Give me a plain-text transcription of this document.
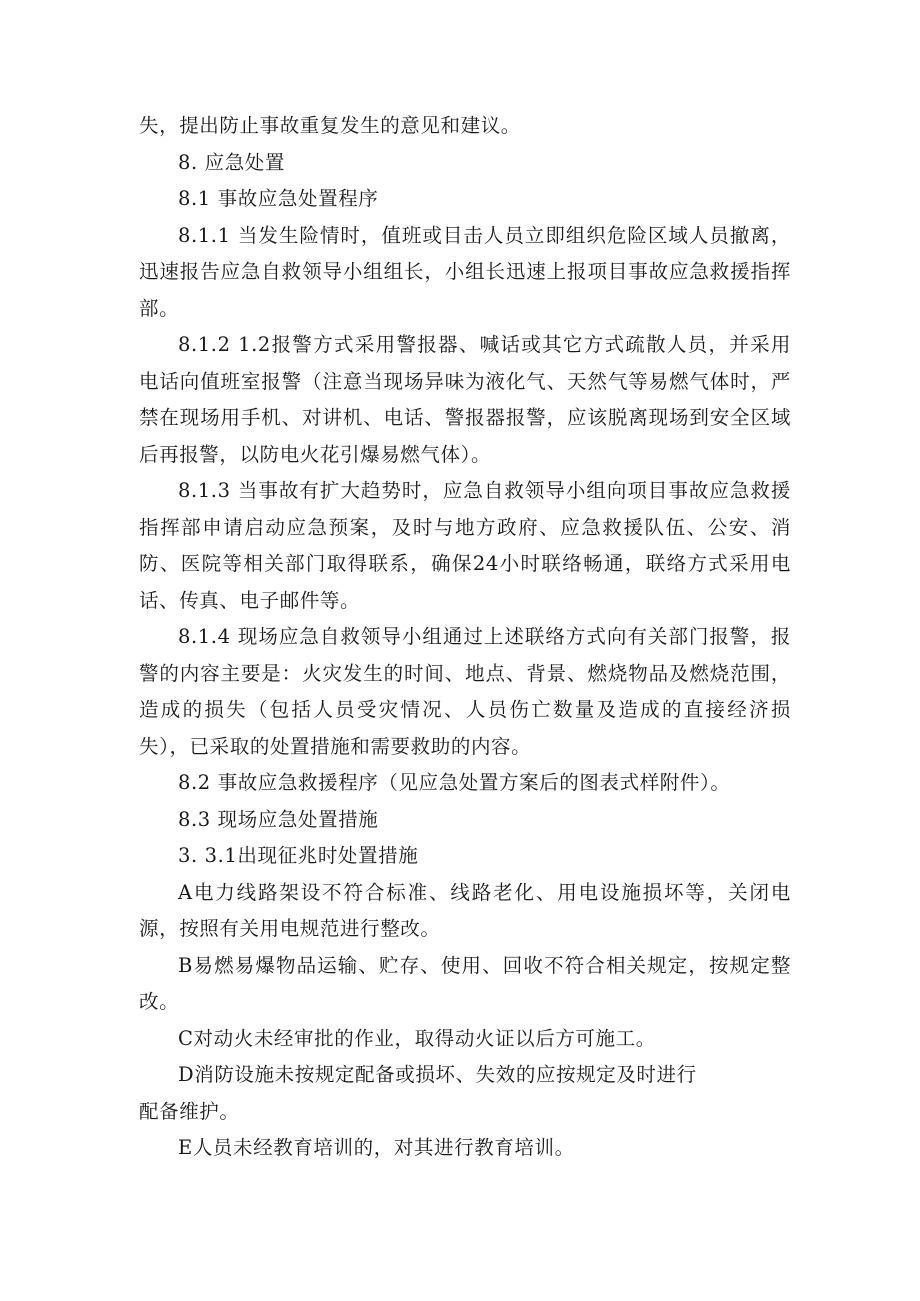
失，提出防止事故重复发生的意见和建议。

8. 应急处置

8.1 事故应急处置程序

8.1.1 当发生险情时，值班或目击人员立即组织危险区域人员撤离，迅速报告应急自救领导小组组长，小组长迅速上报项目事故应急救援指挥部。

8.1.2 1.2报警方式采用警报器、喊话或其它方式疏散人员，并采用电话向值班室报警（注意当现场异味为液化气、天然气等易燃气体时，严禁在现场用手机、对讲机、电话、警报器报警，应该脱离现场到安全区域后再报警，以防电火花引爆易燃气体）。

8.1.3 当事故有扩大趋势时，应急自救领导小组向项目事故应急救援指挥部申请启动应急预案，及时与地方政府、应急救援队伍、公安、消防、医院等相关部门取得联系，确保24小时联络畅通，联络方式采用电话、传真、电子邮件等。

8.1.4 现场应急自救领导小组通过上述联络方式向有关部门报警，报警的内容主要是：火灾发生的时间、地点、背景、燃烧物品及燃烧范围，造成的损失（包括人员受灾情况、人员伤亡数量及造成的直接经济损失），已采取的处置措施和需要救助的内容。

8.2 事故应急救援程序（见应急处置方案后的图表式样附件）。

8.3 现场应急处置措施

3. 3.1出现征兆时处置措施

A电力线路架设不符合标准、线路老化、用电设施损坏等，关闭电源，按照有关用电规范进行整改。

B易燃易爆物品运输、贮存、使用、回收不符合相关规定，按规定整改。

C对动火未经审批的作业，取得动火证以后方可施工。

D消防设施未按规定配备或损坏、失效的应按规定及时进行

配备维护。

E人员未经教育培训的，对其进行教育培训。
